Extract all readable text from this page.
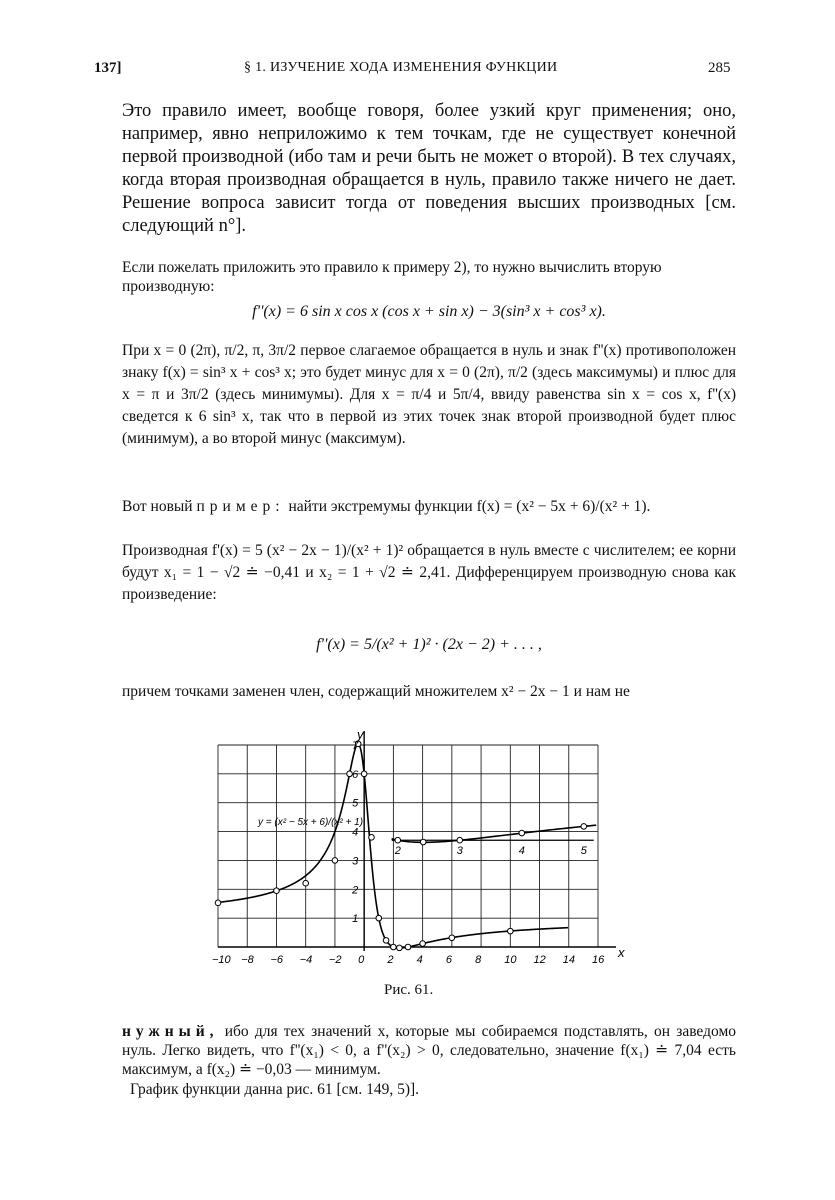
137]	§ 1. ИЗУЧЕНИЕ ХОДА ИЗМЕНЕНИЯ ФУНКЦИИ	285
Это правило имеет, вообще говоря, более узкий круг применения; оно, например, явно неприложимо к тем точкам, где не существует конечной первой производной (ибо там и речи быть не может о второй). В тех случаях, когда вторая производная обращается в нуль, правило также ничего не дает. Решение вопроса зависит тогда от поведения высших производных [см. следующий n°].
Если пожелать приложить это правило к примеру 2), то нужно вычислить вторую производную:
f''(x) = 6 sin x cos x (cos x + sin x) − 3(sin³ x + cos³ x).
При x = 0 (2π), π/2, π, 3π/2 первое слагаемое обращается в нуль и знак f''(x) противоположен знаку f(x) = sin³ x + cos³ x; это будет минус для x = 0 (2π), π/2 (здесь максимумы) и плюс для x = π и 3π/2 (здесь минимумы). Для x = π/4 и 5π/4, ввиду равенства sin x = cos x, f''(x) сведется к 6 sin³ x, так что в первой из этих точек знак второй производной будет плюс (минимум), а во второй минус (максимум).
Вот новый пример: найти экстремумы функции f(x) = (x² − 5x + 6)/(x² + 1).
Производная f'(x) = 5 (x² − 2x − 1)/(x² + 1)² обращается в нуль вместе с числителем; ее корни будут x₁ = 1 − √2 ≐ −0,41 и x₂ = 1 + √2 ≐ 2,41. Дифференцируем производную снова как произведение:
f''(x) = 5/(x² + 1)² · (2x − 2) + . . . ,
причем точками заменен член, содержащий множителем x² − 2x − 1 и нам не
−10 −8 −6 −4 −2 0 2 4 6 8 10 12 14 16
1
2
3
4
5
6
7
2	3	4	5
y = (x² − 5x + 6)/(x² + 1)
y
x
Рис. 61.
нужный, ибо для тех значений x, которые мы собираемся подставлять, он заведомо нуль. Легко видеть, что f''(x₁) < 0, а f''(x₂) > 0, следовательно, значение f(x₁) ≐ 7,04 есть максимум, а f(x₂) ≐ −0,03 — минимум.
График функции данна рис. 61 [см. 149, 5)].
